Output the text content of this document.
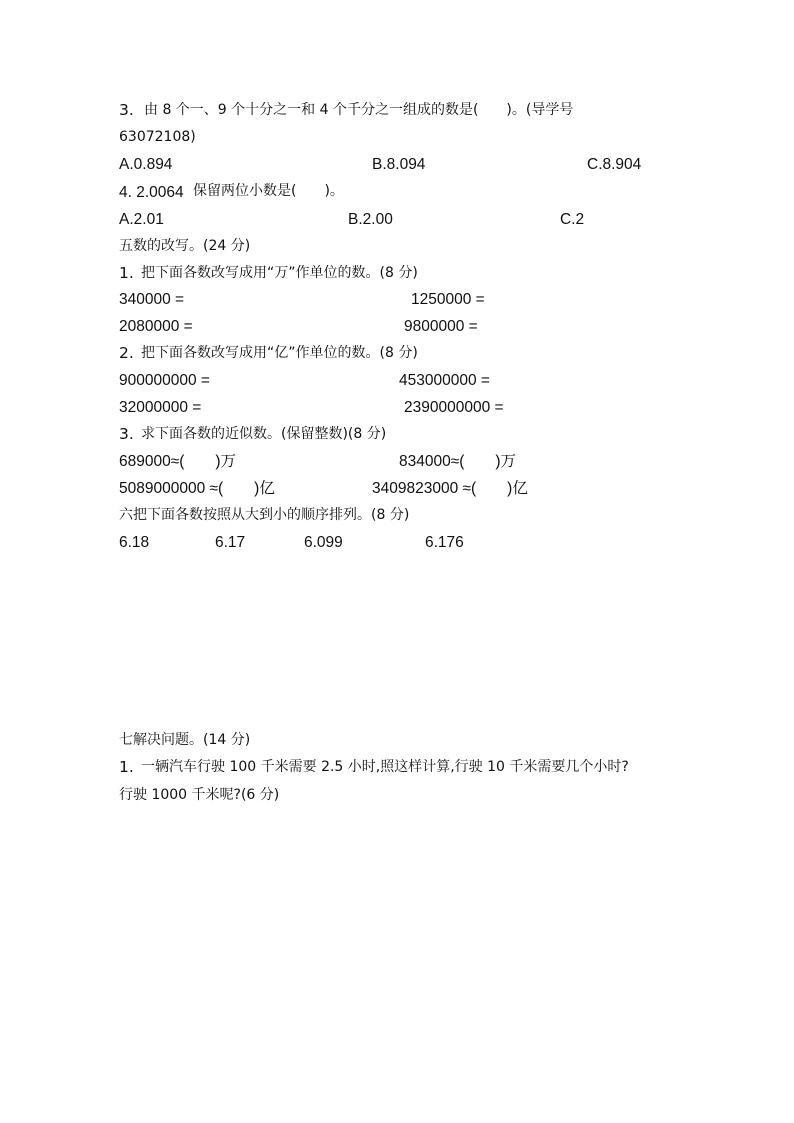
3. 由 8 个一、9 个十分之一和 4 个千分之一组成的数是(　　)。(导学号
63072108)
A.0.894	B.8.094	C.8.904
4. 2.0064 保留两位小数是(　　)。
A.2.01	B.2.00	C.2
五数的改写。(24 分)
1. 把下面各数改写成用“万”作单位的数。(8 分)
340000 =	1250000 =
2080000 =	9800000 =
2. 把下面各数改写成用“亿”作单位的数。(8 分)
900000000 =	453000000 =
32000000 =	2390000000 =
3. 求下面各数的近似数。(保留整数)(8 分)
689000≈(　　)万	834000≈(　　)万
5089000000 ≈(　　)亿	3409823000 ≈(　　)亿
六把下面各数按照从大到小的顺序排列。(8 分)
6.18	6.17	6.099	6.176
七解决问题。(14 分)
1. 一辆汽车行驶 100 千米需要 2.5 小时,照这样计算,行驶 10 千米需要几个小时?
行驶 1000 千米呢?(6 分)
